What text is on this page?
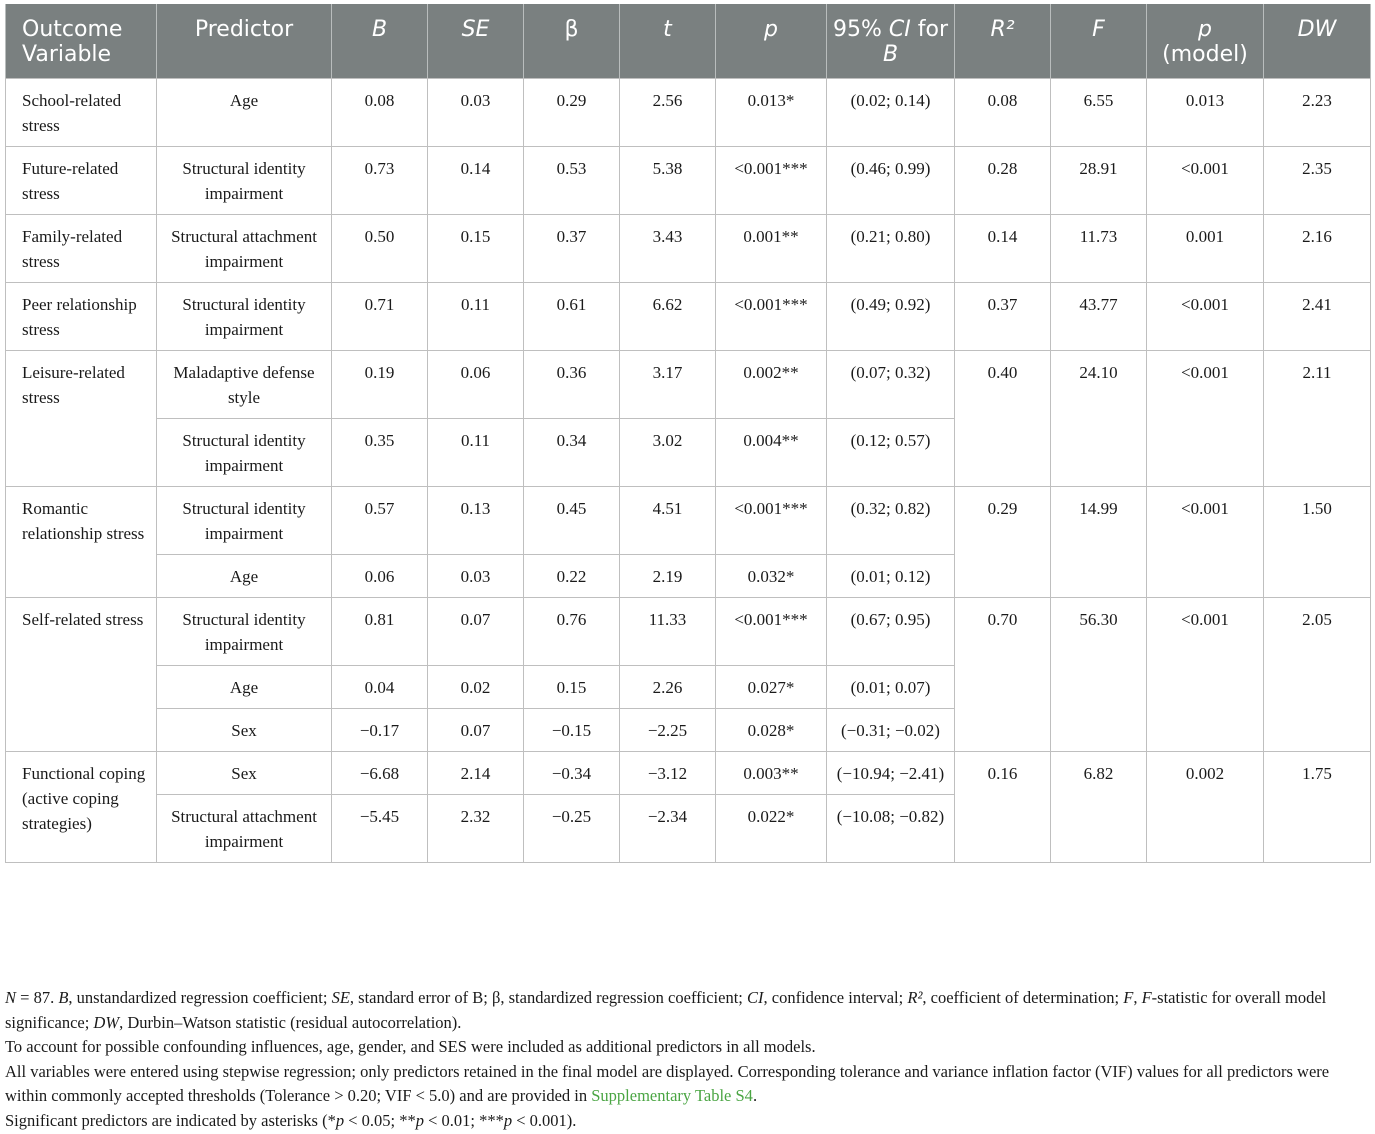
Outcome Variable	Predictor	B	SE	β	t	p	95% CI for B	R²	F	p (model)	DW
School-related stress	Age	0.08	0.03	0.29	2.56	0.013*	(0.02; 0.14)	0.08	6.55	0.013	2.23
Future-related stress	Structural identity impairment	0.73	0.14	0.53	5.38	<0.001***	(0.46; 0.99)	0.28	28.91	<0.001	2.35
Family-related stress	Structural attachment impairment	0.50	0.15	0.37	3.43	0.001**	(0.21; 0.80)	0.14	11.73	0.001	2.16
Peer relationship stress	Structural identity impairment	0.71	0.11	0.61	6.62	<0.001***	(0.49; 0.92)	0.37	43.77	<0.001	2.41
Leisure-related stress	Maladaptive defense style	0.19	0.06	0.36	3.17	0.002**	(0.07; 0.32)	0.40	24.10	<0.001	2.11
	Structural identity impairment	0.35	0.11	0.34	3.02	0.004**	(0.12; 0.57)				
Romantic relationship stress	Structural identity impairment	0.57	0.13	0.45	4.51	<0.001***	(0.32; 0.82)	0.29	14.99	<0.001	1.50
	Age	0.06	0.03	0.22	2.19	0.032*	(0.01; 0.12)				
Self-related stress	Structural identity impairment	0.81	0.07	0.76	11.33	<0.001***	(0.67; 0.95)	0.70	56.30	<0.001	2.05
	Age	0.04	0.02	0.15	2.26	0.027*	(0.01; 0.07)				
	Sex	−0.17	0.07	−0.15	−2.25	0.028*	(−0.31; −0.02)				
Functional coping (active coping strategies)	Sex	−6.68	2.14	−0.34	−3.12	0.003**	(−10.94; −2.41)	0.16	6.82	0.002	1.75
	Structural attachment impairment	−5.45	2.32	−0.25	−2.34	0.022*	(−10.08; −0.82)				

N = 87. B, unstandardized regression coefficient; SE, standard error of B; β, standardized regression coefficient; CI, confidence interval; R², coefficient of determination; F, F-statistic for overall model significance; DW, Durbin–Watson statistic (residual autocorrelation).

To account for possible confounding influences, age, gender, and SES were included as additional predictors in all models.

All variables were entered using stepwise regression; only predictors retained in the final model are displayed. Corresponding tolerance and variance inflation factor (VIF) values for all predictors were within commonly accepted thresholds (Tolerance > 0.20; VIF < 5.0) and are provided in Supplementary Table S4.

Significant predictors are indicated by asterisks (*p < 0.05; **p < 0.01; ***p < 0.001).
